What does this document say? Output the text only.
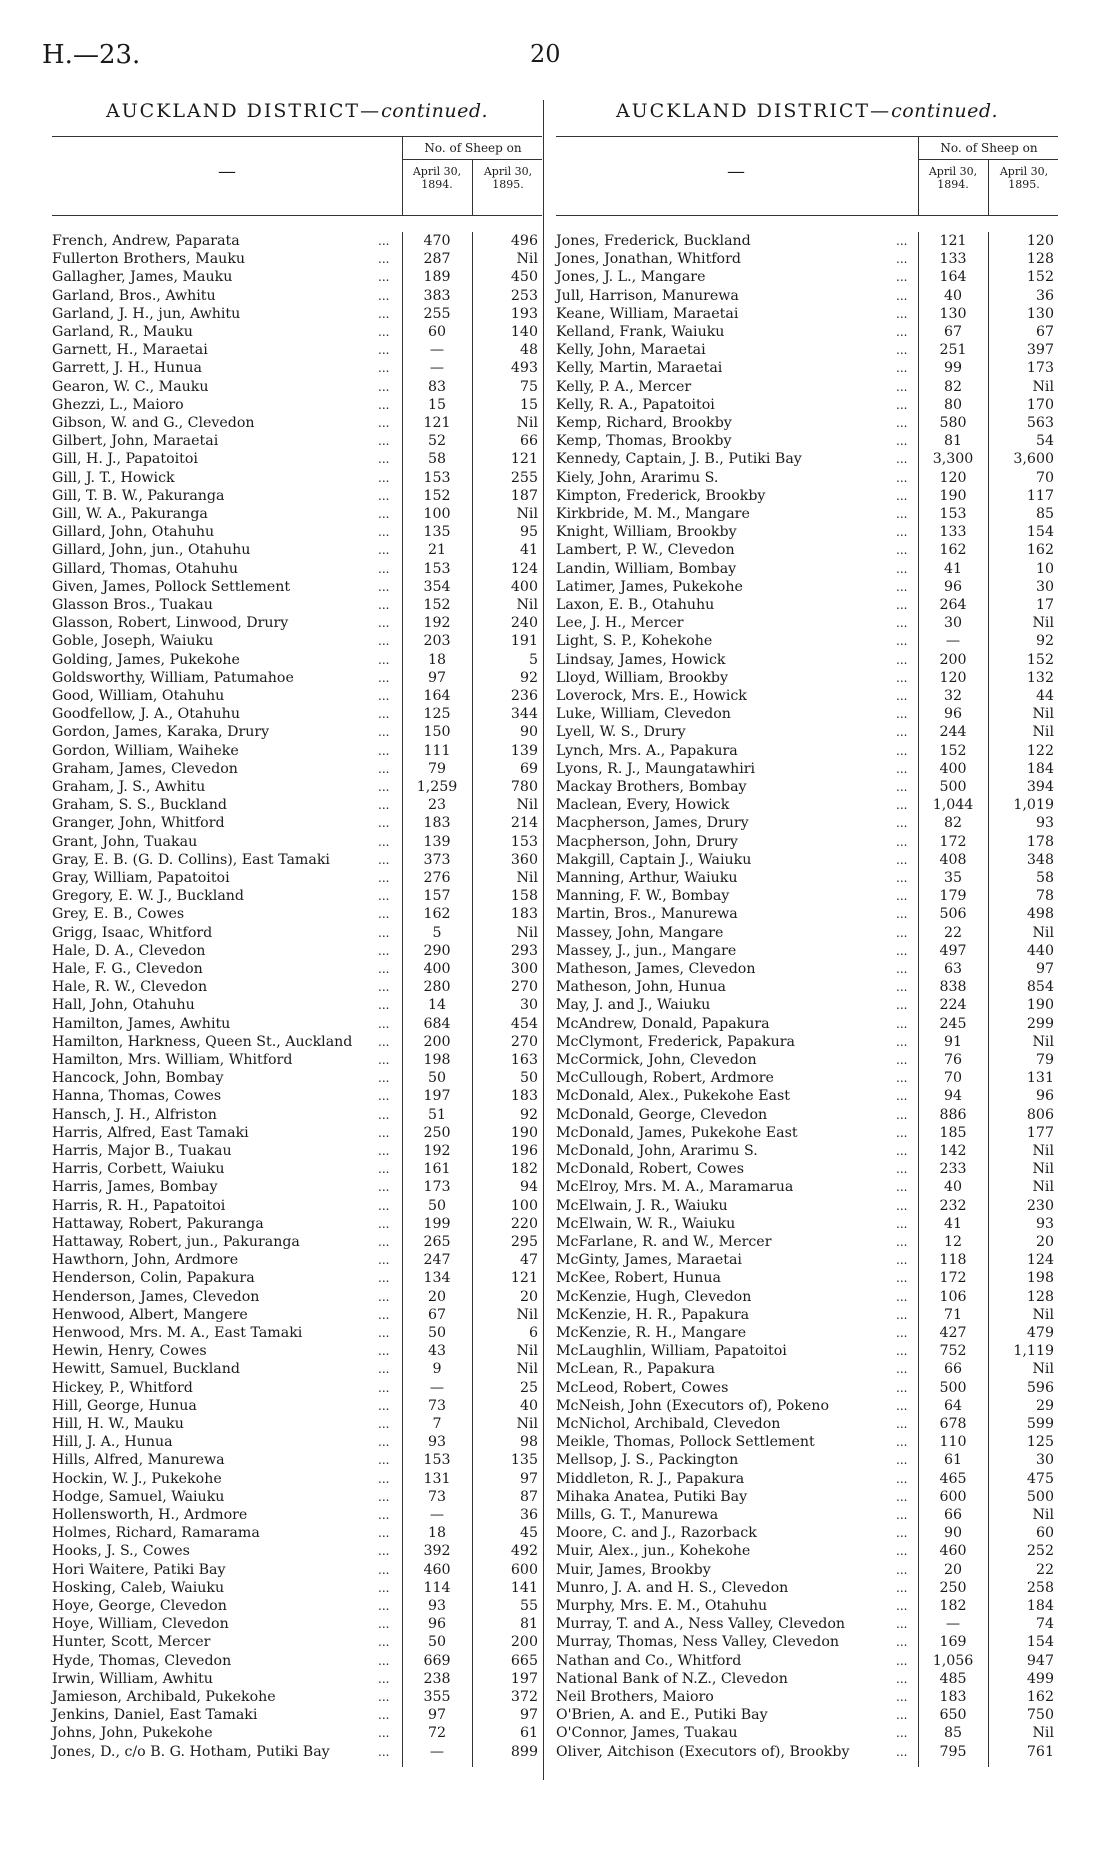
H.—23.	20
AUCKLAND DISTRICT—continued.
—
No. of Sheep on
April 30, 1894.
April 30, 1895.
French, Andrew, Paparata	...	470	496
Fullerton Brothers, Mauku	...	287	Nil
Gallagher, James, Mauku	...	189	450
Garland, Bros., Awhitu	...	383	253
Garland, J. H., jun, Awhitu	...	255	193
Garland, R., Mauku	...	60	140
Garnett, H., Maraetai	...	—	48
Garrett, J. H., Hunua	...	—	493
Gearon, W. C., Mauku	...	83	75
Ghezzi, L., Maioro	...	15	15
Gibson, W. and G., Clevedon	...	121	Nil
Gilbert, John, Maraetai	...	52	66
Gill, H. J., Papatoitoi	...	58	121
Gill, J. T., Howick	...	153	255
Gill, T. B. W., Pakuranga	...	152	187
Gill, W. A., Pakuranga	...	100	Nil
Gillard, John, Otahuhu	...	135	95
Gillard, John, jun., Otahuhu	...	21	41
Gillard, Thomas, Otahuhu	...	153	124
Given, James, Pollock Settlement	...	354	400
Glasson Bros., Tuakau	...	152	Nil
Glasson, Robert, Linwood, Drury	...	192	240
Goble, Joseph, Waiuku	...	203	191
Golding, James, Pukekohe	...	18	5
Goldsworthy, William, Patumahoe	...	97	92
Good, William, Otahuhu	...	164	236
Goodfellow, J. A., Otahuhu	...	125	344
Gordon, James, Karaka, Drury	...	150	90
Gordon, William, Waiheke	...	111	139
Graham, James, Clevedon	...	79	69
Graham, J. S., Awhitu	...	1,259	780
Graham, S. S., Buckland	...	23	Nil
Granger, John, Whitford	...	183	214
Grant, John, Tuakau	...	139	153
Gray, E. B. (G. D. Collins), East Tamaki	...	373	360
Gray, William, Papatoitoi	...	276	Nil
Gregory, E. W. J., Buckland	...	157	158
Grey, E. B., Cowes	...	162	183
Grigg, Isaac, Whitford	...	5	Nil
Hale, D. A., Clevedon	...	290	293
Hale, F. G., Clevedon	...	400	300
Hale, R. W., Clevedon	...	280	270
Hall, John, Otahuhu	...	14	30
Hamilton, James, Awhitu	...	684	454
Hamilton, Harkness, Queen St., Auckland ...	200	270
Hamilton, Mrs. William, Whitford	...	198	163
Hancock, John, Bombay	...	50	50
Hanna, Thomas, Cowes	...	197	183
Hansch, J. H., Alfriston	...	51	92
Harris, Alfred, East Tamaki	...	250	190
Harris, Major B., Tuakau	...	192	196
Harris, Corbett, Waiuku	...	161	182
Harris, James, Bombay	...	173	94
Harris, R. H., Papatoitoi	...	50	100
Hattaway, Robert, Pakuranga	...	199	220
Hattaway, Robert, jun., Pakuranga	...	265	295
Hawthorn, John, Ardmore	...	247	47
Henderson, Colin, Papakura	...	134	121
Henderson, James, Clevedon	...	20	20
Henwood, Albert, Mangere	...	67	Nil
Henwood, Mrs. M. A., East Tamaki	...	50	6
Hewin, Henry, Cowes	...	43	Nil
Hewitt, Samuel, Buckland	...	9	Nil
Hickey, P., Whitford	...	—	25
Hill, George, Hunua	...	73	40
Hill, H. W., Mauku	...	7	Nil
Hill, J. A., Hunua	...	93	98
Hills, Alfred, Manurewa	...	153	135
Hockin, W. J., Pukekohe	...	131	97
Hodge, Samuel, Waiuku	...	73	87
Hollensworth, H., Ardmore	...	—	36
Holmes, Richard, Ramarama	...	18	45
Hooks, J. S., Cowes	...	392	492
Hori Waitere, Patiki Bay	...	460	600
Hosking, Caleb, Waiuku	...	114	141
Hoye, George, Clevedon	...	93	55
Hoye, William, Clevedon	...	96	81
Hunter, Scott, Mercer	...	50	200
Hyde, Thomas, Clevedon	...	669	665
Irwin, William, Awhitu	...	238	197
Jamieson, Archibald, Pukekohe	...	355	372
Jenkins, Daniel, East Tamaki	...	97	97
Johns, John, Pukekohe	...	72	61
Jones, D., c/o B. G. Hotham, Putiki Bay	...	—	899
AUCKLAND DISTRICT—continued.
—
No. of Sheep on
April 30, 1894.
April 30, 1895.
Jones, Frederick, Buckland	...	121	120
Jones, Jonathan, Whitford	...	133	128
Jones, J. L., Mangare	...	164	152
Jull, Harrison, Manurewa	...	40	36
Keane, William, Maraetai	...	130	130
Kelland, Frank, Waiuku	...	67	67
Kelly, John, Maraetai	...	251	397
Kelly, Martin, Maraetai	...	99	173
Kelly, P. A., Mercer	...	82	Nil
Kelly, R. A., Papatoitoi	...	80	170
Kemp, Richard, Brookby	...	580	563
Kemp, Thomas, Brookby	...	81	54
Kennedy, Captain, J. B., Putiki Bay	...	3,300	3,600
Kiely, John, Ararimu S.	...	120	70
Kimpton, Frederick, Brookby	...	190	117
Kirkbride, M. M., Mangare	...	153	85
Knight, William, Brookby	...	133	154
Lambert, P. W., Clevedon	...	162	162
Landin, William, Bombay	...	41	10
Latimer, James, Pukekohe	...	96	30
Laxon, E. B., Otahuhu	...	264	17
Lee, J. H., Mercer	...	30	Nil
Light, S. P., Kohekohe	...	—	92
Lindsay, James, Howick	...	200	152
Lloyd, William, Brookby	...	120	132
Loverock, Mrs. E., Howick	...	32	44
Luke, William, Clevedon	...	96	Nil
Lyell, W. S., Drury	...	244	Nil
Lynch, Mrs. A., Papakura	...	152	122
Lyons, R. J., Maungatawhiri	...	400	184
Mackay Brothers, Bombay	...	500	394
Maclean, Every, Howick	...	1,044	1,019
Macpherson, James, Drury	...	82	93
Macpherson, John, Drury	...	172	178
Makgill, Captain J., Waiuku	...	408	348
Manning, Arthur, Waiuku	...	35	58
Manning, F. W., Bombay	...	179	78
Martin, Bros., Manurewa	...	506	498
Massey, John, Mangare	...	22	Nil
Massey, J., jun., Mangare	...	497	440
Matheson, James, Clevedon	...	63	97
Matheson, John, Hunua	...	838	854
May, J. and J., Waiuku	...	224	190
McAndrew, Donald, Papakura	...	245	299
McClymont, Frederick, Papakura	...	91	Nil
McCormick, John, Clevedon	...	76	79
McCullough, Robert, Ardmore	...	70	131
McDonald, Alex., Pukekohe East	...	94	96
McDonald, George, Clevedon	...	886	806
McDonald, James, Pukekohe East	...	185	177
McDonald, John, Ararimu S.	...	142	Nil
McDonald, Robert, Cowes	...	233	Nil
McElroy, Mrs. M. A., Maramarua	...	40	Nil
McElwain, J. R., Waiuku	...	232	230
McElwain, W. R., Waiuku	...	41	93
McFarlane, R. and W., Mercer	...	12	20
McGinty, James, Maraetai	...	118	124
McKee, Robert, Hunua	...	172	198
McKenzie, Hugh, Clevedon	...	106	128
McKenzie, H. R., Papakura	...	71	Nil
McKenzie, R. H., Mangare	...	427	479
McLaughlin, William, Papatoitoi	...	752	1,119
McLean, R., Papakura	...	66	Nil
McLeod, Robert, Cowes	...	500	596
McNeish, John (Executors of), Pokeno	...	64	29
McNichol, Archibald, Clevedon	...	678	599
Meikle, Thomas, Pollock Settlement	...	110	125
Mellsop, J. S., Packington	...	61	30
Middleton, R. J., Papakura	...	465	475
Mihaka Anatea, Putiki Bay	...	600	500
Mills, G. T., Manurewa	...	66	Nil
Moore, C. and J., Razorback	...	90	60
Muir, Alex., jun., Kohekohe	...	460	252
Muir, James, Brookby	...	20	22
Munro, J. A. and H. S., Clevedon	...	250	258
Murphy, Mrs. E. M., Otahuhu	...	182	184
Murray, T. and A., Ness Valley, Clevedon	...	—	74
Murray, Thomas, Ness Valley, Clevedon	...	169	154
Nathan and Co., Whitford	...	1,056	947
National Bank of N.Z., Clevedon	...	485	499
Neil Brothers, Maioro	...	183	162
O'Brien, A. and E., Putiki Bay	...	650	750
O'Connor, James, Tuakau	...	85	Nil
Oliver, Aitchison (Executors of), Brookby	...	795	761
